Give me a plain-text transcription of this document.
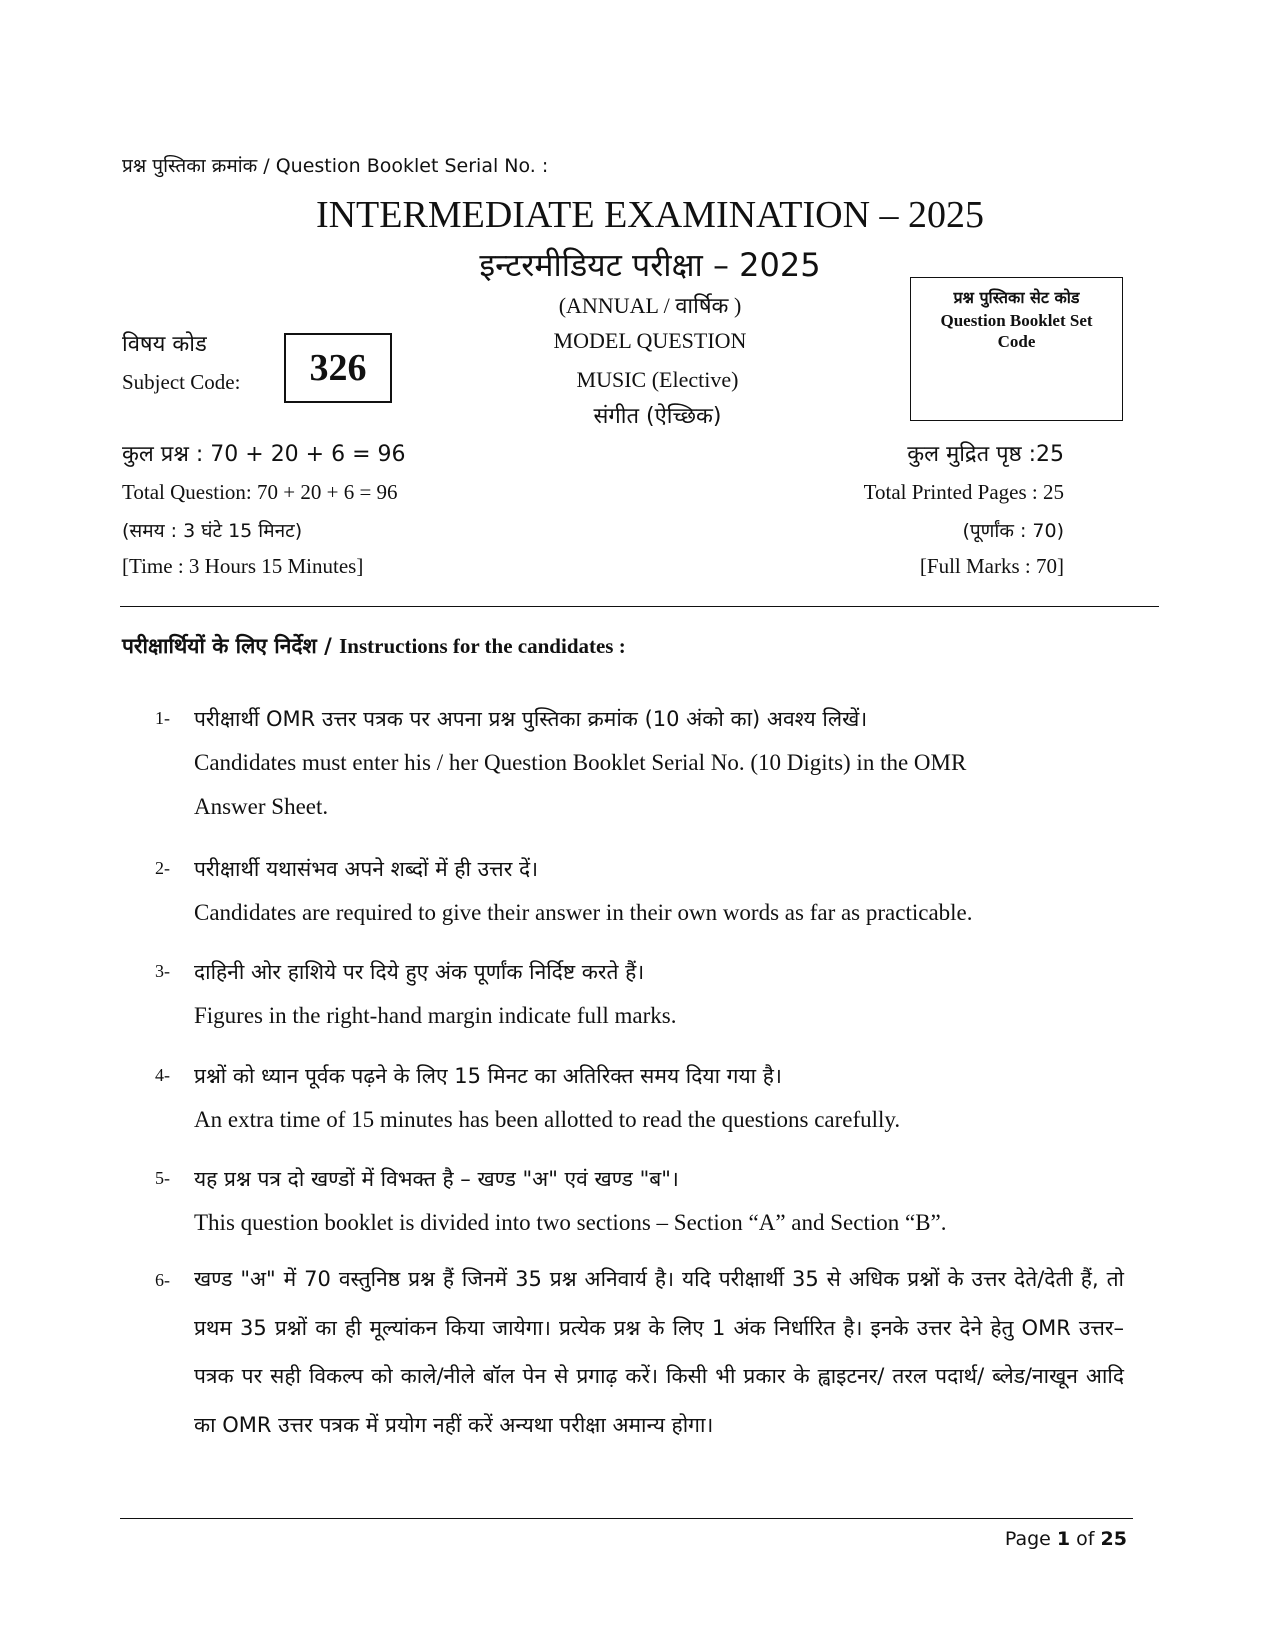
प्रश्न पुस्तिका क्रमांक / Question Booklet Serial No. :
INTERMEDIATE EXAMINATION – 2025
इन्टरमीडियट परीक्षा – 2025
(ANNUAL / वार्षिक )
MODEL QUESTION
MUSIC (Elective)
संगीत (ऐच्छिक)
विषय कोड
Subject Code:	326
प्रश्न पुस्तिका सेट कोड
Question Booklet Set Code
कुल प्रश्न : 70 + 20 + 6 = 96
Total Question: 70 + 20 + 6 = 96
(समय : 3 घंटे 15 मिनट)
[Time : 3 Hours 15 Minutes]
कुल मुद्रित पृष्ठ :25
Total Printed Pages : 25
(पूर्णांक : 70)
[Full Marks : 70]
परीक्षार्थियों के लिए निर्देश / Instructions for the candidates :
1- परीक्षार्थी OMR उत्तर पत्रक पर अपना प्रश्न पुस्तिका क्रमांक (10 अंको का) अवश्य लिखें।
Candidates must enter his / her Question Booklet Serial No. (10 Digits) in the OMR
Answer Sheet.
2- परीक्षार्थी यथासंभव अपने शब्दों में ही उत्तर दें।
Candidates are required to give their answer in their own words as far as practicable.
3- दाहिनी ओर हाशिये पर दिये हुए अंक पूर्णांक निर्दिष्ट करते हैं।
Figures in the right-hand margin indicate full marks.
4- प्रश्नों को ध्यान पूर्वक पढ़ने के लिए 15 मिनट का अतिरिक्त समय दिया गया है।
An extra time of 15 minutes has been allotted to read the questions carefully.
5- यह प्रश्न पत्र दो खण्डों में विभक्त है – खण्ड "अ" एवं खण्ड "ब"।
This question booklet is divided into two sections – Section “A” and Section “B”.
6- खण्ड "अ" में 70 वस्तुनिष्ठ प्रश्न हैं जिनमें 35 प्रश्न अनिवार्य है। यदि परीक्षार्थी 35 से अधिक प्रश्नों के उत्तर देते/देती हैं, तो प्रथम 35 प्रश्नों का ही मूल्यांकन किया जायेगा। प्रत्येक प्रश्न के लिए 1 अंक निर्धारित है। इनके उत्तर देने हेतु OMR उत्तर–पत्रक पर सही विकल्प को काले/नीले बॉल पेन से प्रगाढ़ करें। किसी भी प्रकार के ह्वाइटनर/ तरल पदार्थ/ ब्लेड/नाखून आदि का OMR उत्तर पत्रक में प्रयोग नहीं करें अन्यथा परीक्षा अमान्य होगा।
Page 1 of 25
